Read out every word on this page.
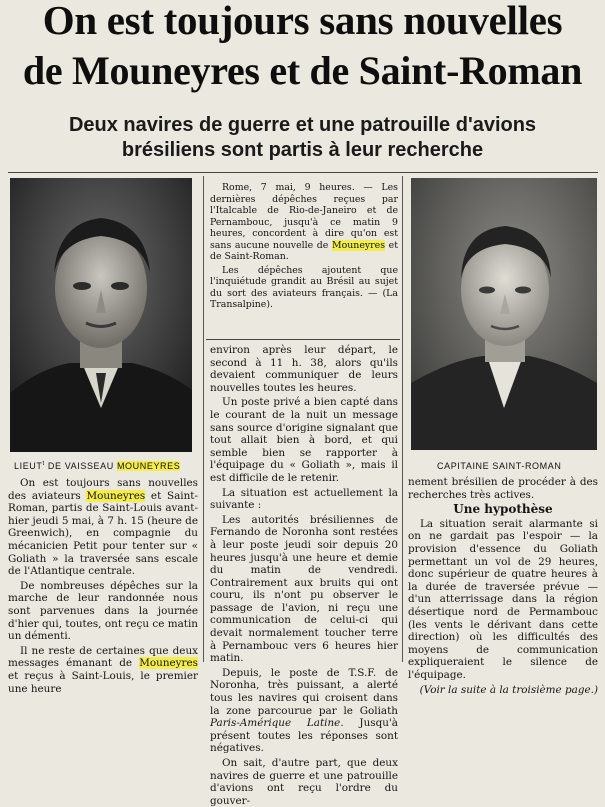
On est toujours sans nouvelles
de Mouneyres et de Saint-Roman
Deux navires de guerre et une patrouille d'avions
brésiliens sont partis à leur recherche
LIEUT$^t$ DE VAISSEAU MOUNEYRES	CAPITAINE SAINT-ROMAN

Rome, 7 mai, 9 heures. — Les dernières dépêches reçues par l'Italcable de Rio-de-Janeiro et de Pernambouc, jusqu'à ce matin 9 heures, concordent à dire qu'on est sans aucune nouvelle de Mouneyres et de Saint-Roman.

Les dépêches ajoutent que l'inquiétude grandit au Brésil au sujet du sort des aviateurs français. — (La Transalpine).

On est toujours sans nouvelles des aviateurs Mouneyres et Saint-Roman, partis de Saint-Louis avant-hier jeudi 5 mai, à 7 h. 15 (heure de Greenwich), en compagnie du mécanicien Petit pour tenter sur « Goliath » la traversée sans escale de l'Atlantique centrale.

De nombreuses dépêches sur la marche de leur randonnée nous sont parvenues dans la journée d'hier qui, toutes, ont reçu ce matin un démenti.

Il ne reste de certaines que deux messages émanant de Mouneyres et reçus à Saint-Louis, le premier une heure

environ après leur départ, le second à 11 h. 38, alors qu'ils devaient communiquer de leurs nouvelles toutes les heures.

Un poste privé a bien capté dans le courant de la nuit un message sans source d'origine signalant que tout allait bien à bord, et qui semble bien se rapporter à l'équipage du « Goliath », mais il est difficile de le retenir.

La situation est actuellement la suivante :

Les autorités brésiliennes de Fernando de Noronha sont restées à leur poste jeudi soir depuis 20 heures jusqu'à une heure et demie du matin de vendredi. Contrairement aux bruits qui ont couru, ils n'ont pu observer le passage de l'avion, ni reçu une communication de celui-ci qui devait normalement toucher terre à Pernambouc vers 6 heures hier matin.

Depuis, le poste de T.S.F. de Noronha, très puissant, a alerté tous les navires qui croisent dans la zone parcourue par le Goliath Paris-Amérique Latine. Jusqu'à présent toutes les réponses sont négatives.

On sait, d'autre part, que deux navires de guerre et une patrouille d'avions ont reçu l'ordre du gouver-

nement brésilien de procéder à des recherches très actives.

Une hypothèse

La situation serait alarmante si on ne gardait pas l'espoir — la provision d'essence du Goliath permettant un vol de 29 heures, donc supérieur de quatre heures à la durée de traversée prévue — d'un atterrissage dans la région désertique nord de Permambouc (les vents le dérivant dans cette direction) où les difficultés des moyens de communication expliqueraient le silence de l'équipage.

(Voir la suite à la troisième page.)
